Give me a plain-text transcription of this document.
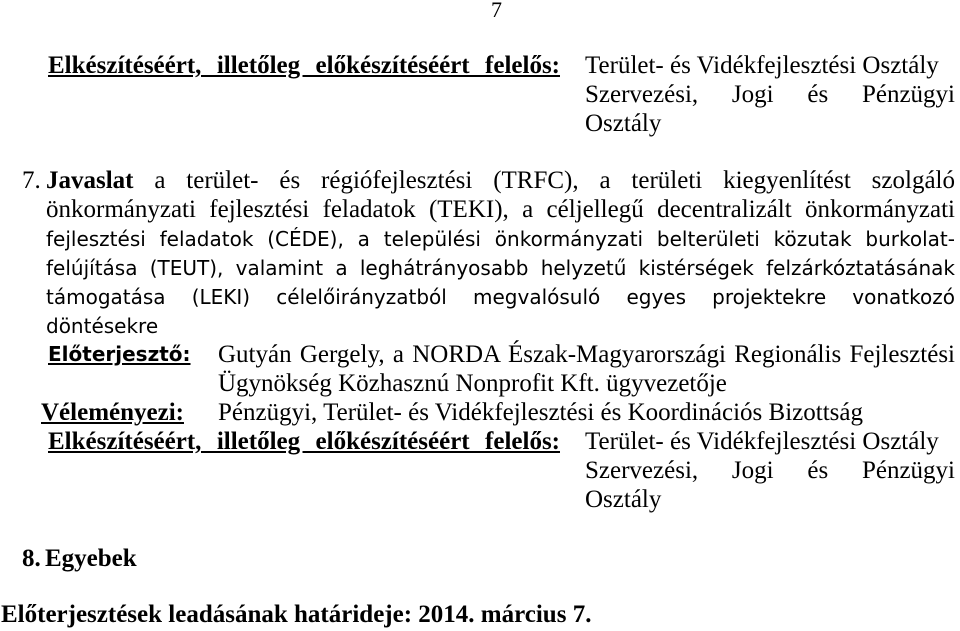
7
Elkészítéséért, illetőleg előkészítéséért felelős: Terület- és Vidékfejlesztési Osztály
Szervezési, Jogi és Pénzügyi
Osztály
7. Javaslat a terület- és régiófejlesztési (TRFC), a területi kiegyenlítést szolgáló
önkormányzati fejlesztési feladatok (TEKI), a céljellegű decentralizált önkormányzati
fejlesztési feladatok (CÉDE), a települési önkormányzati belterületi közutak burkolat-
felújítása (TEUT), valamint a leghátrányosabb helyzetű kistérségek felzárkóztatásának
támogatása (LEKI) célelőirányzatból megvalósuló egyes projektekre vonatkozó
döntésekre
Előterjesztő:	Gutyán Gergely, a NORDA Észak-Magyarországi Regionális Fejlesztési
Ügynökség Közhasznú Nonprofit Kft. ügyvezetője
Véleményezi: Pénzügyi, Terület- és Vidékfejlesztési és Koordinációs Bizottság
Elkészítéséért, illetőleg előkészítéséért felelős: Terület- és Vidékfejlesztési Osztály
Szervezési, Jogi és Pénzügyi
Osztály
8. Egyebek
Előterjesztések leadásának határideje: 2014. március 7.
